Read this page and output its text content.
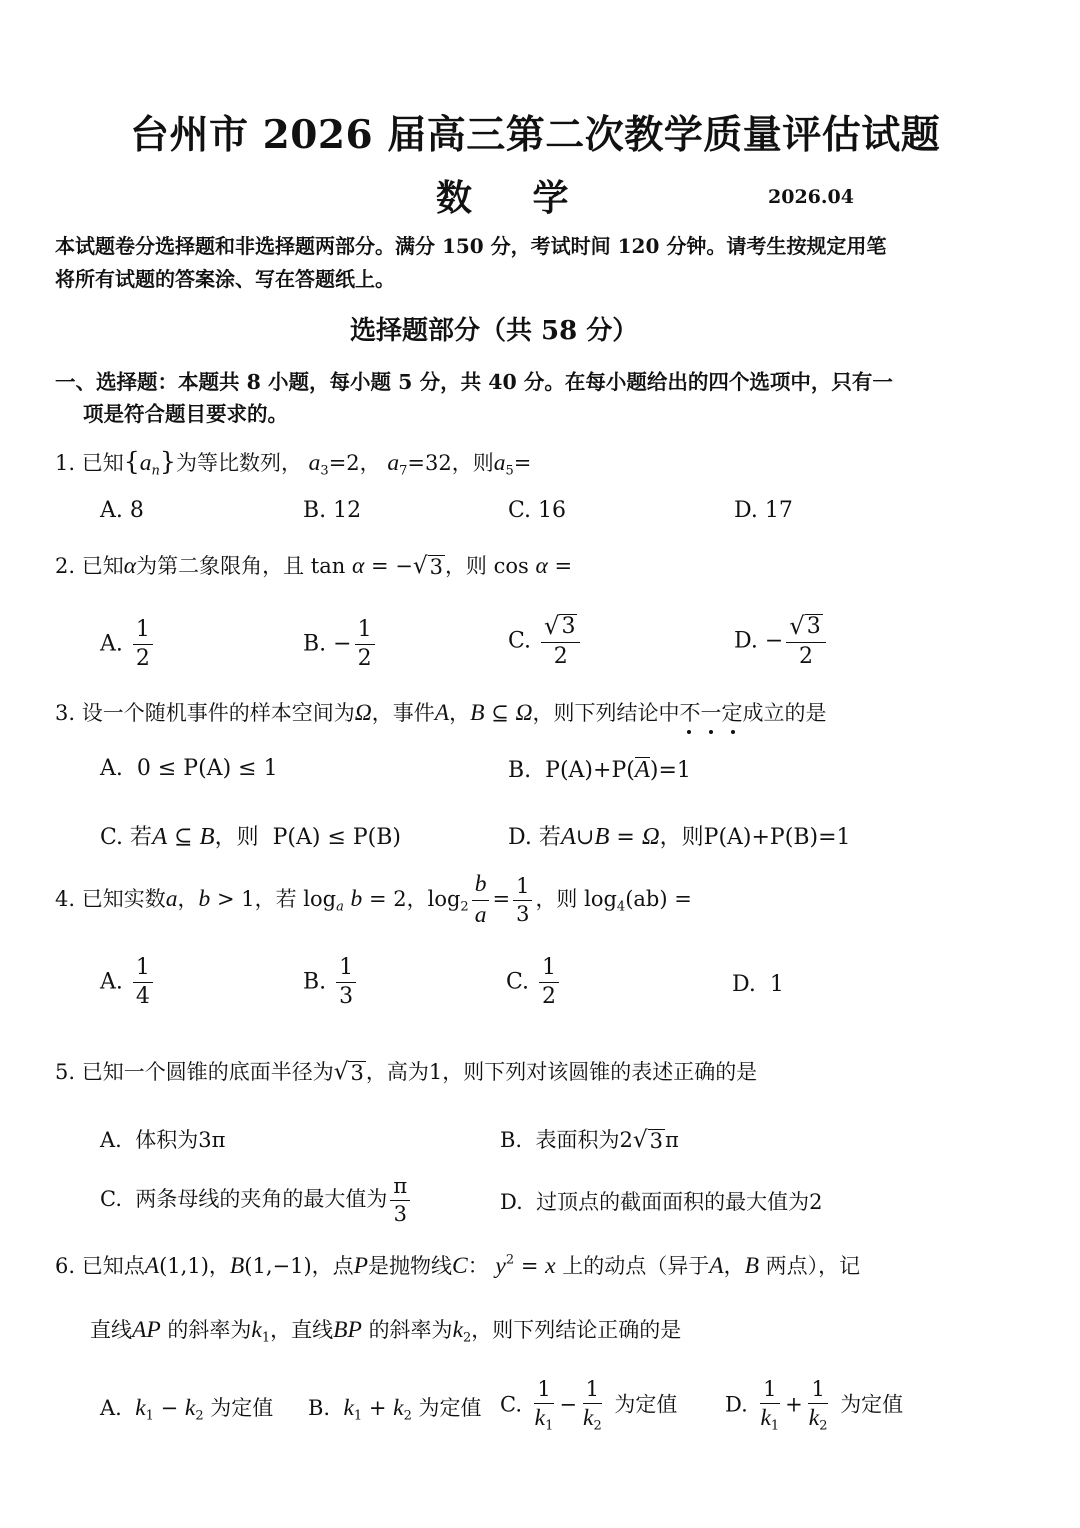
台州市 2026 届高三第二次教学质量评估试题
数 学	2026.04
本试题卷分选择题和非选择题两部分。满分 150 分，考试时间 120 分钟。请考生按规定用笔
将所有试题的答案涂、写在答题纸上。
选择题部分（共 58 分）
一、选择题：本题共 8 小题，每小题 5 分，共 40 分。在每小题给出的四个选项中，只有一
项是符合题目要求的。
1. 已知$\{a_n\}$为等比数列， $a_3=2$， $a_7=32$，则$a_5=$
A. 8	B. 12	C. 16	D. 17
2. 已知α为第二象限角，且 tan α = − √ 3 ，则 cos α =
A. $\frac{1}{2}$	B. − $\frac{1}{2}$	C. $\frac{√ 3}{2}$	D. − $\frac{√ 3}{2}$
3. 设一个随机事件的样本空间为Ω，事件A，B ⊆ Ω，则下列结论中不一定
成立的是
A.  0 ≤ P(A) ≤ 1	B.  P(A)+P(A)=1
C. 若A ⊆ B，则 P(A) ≤ P(B)	D. 若A∪B = Ω，则P(A)+P(B)=1
4. 已知实数a，b > 1，若 $\log_a b = 2$，$\log_2 \frac{b}{a} = \frac{1}{3}$ ，则 $\log_4(ab)$ =
A. $\frac{1}{4}$	B. $\frac{1}{3}$	C. $\frac{1}{2}$	D.  1
5. 已知一个圆锥的底面半径为 √ 3 ，高为1，则下列对该圆锥的表述正确的是
A.  体积为3π	B.  表面积为2 √ 3 π
C.  两条母线的夹角的最大值为 $\frac{\pi}{3}$	D.  过顶点的截面面积的最大值为2
6. 已知点A(1,1)，B(1,−1)，点P是抛物线C： $y^2 = x$ 上的动点（异于A，B 两点），记
直线AP 的斜率为$k_1$，直线BP 的斜率为$k_2$，则下列结论正确的是
A.  $k_1 - k_2$ 为定值 B.  $k_1 + k_2$ 为定值 C. $\frac{1}{k_1} - \frac{1}{k_2}$ 为定值 D. $\frac{1}{k_1} + \frac{1}{k_2}$ 为定值
